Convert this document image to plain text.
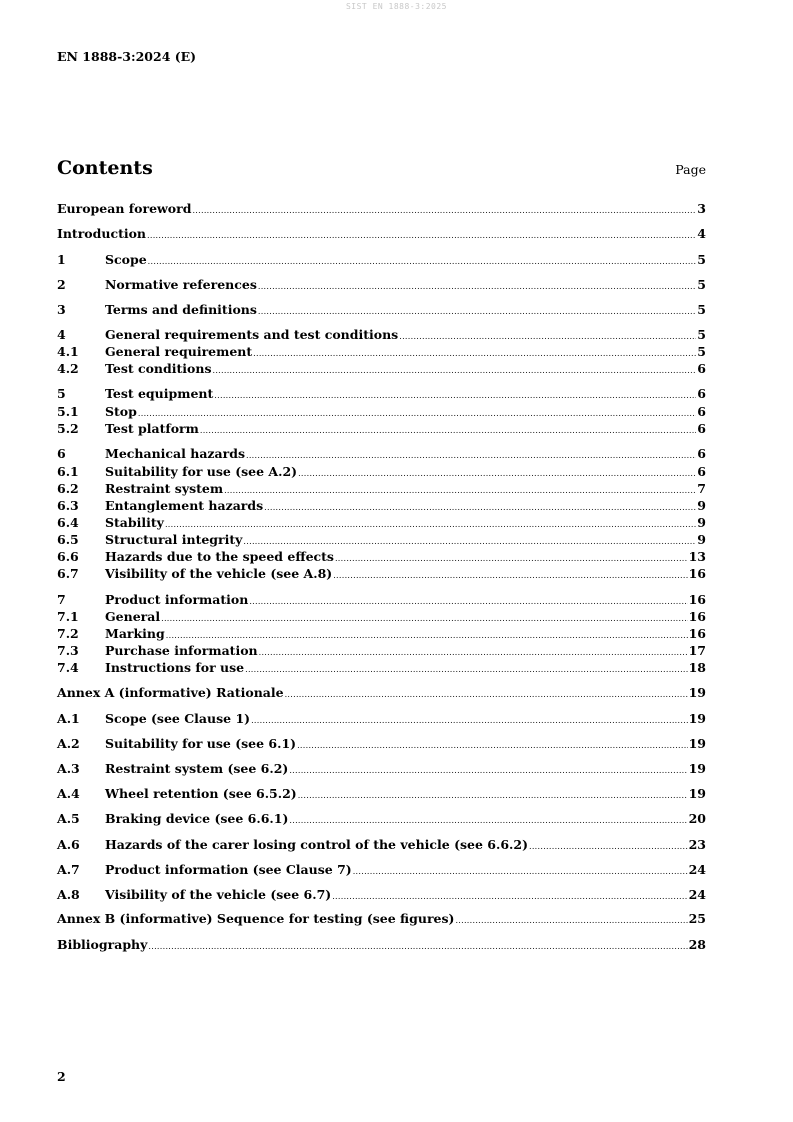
SIST EN 1888-3:2025
EN 1888-3:2024 (E)
Contents	Page
European foreword .....	3
Introduction .....	4
1	Scope .....	5
2	Normative references .....	5
3	Terms and definitions .....	5
4	General requirements and test conditions .....	5
4.1	General requirement .....	5
4.2	Test conditions .....	6
5	Test equipment .....	6
5.1	Stop .....	6
5.2	Test platform .....	6
6	Mechanical hazards .....	6
6.1	Suitability for use (see A.2) .....	6
6.2	Restraint system .....	7
6.3	Entanglement hazards .....	9
6.4	Stability .....	9
6.5	Structural integrity .....	9
6.6	Hazards due to the speed effects .....	13
6.7	Visibility of the vehicle (see A.8) .....	16
7	Product information .....	16
7.1	General .....	16
7.2	Marking .....	16
7.3	Purchase information .....	17
7.4	Instructions for use .....	18
Annex A (informative) Rationale .....	19
A.1	Scope (see Clause 1) .....	19
A.2	Suitability for use (see 6.1) .....	19
A.3	Restraint system (see 6.2) .....	19
A.4	Wheel retention (see 6.5.2) .....	19
A.5	Braking device (see 6.6.1) .....	20
A.6	Hazards of the carer losing control of the vehicle (see 6.6.2) .....	23
A.7	Product information (see Clause 7) .....	24
A.8	Visibility of the vehicle (see 6.7) .....	24
Annex B (informative) Sequence for testing (see figures) .....	25
Bibliography .....	28
2
